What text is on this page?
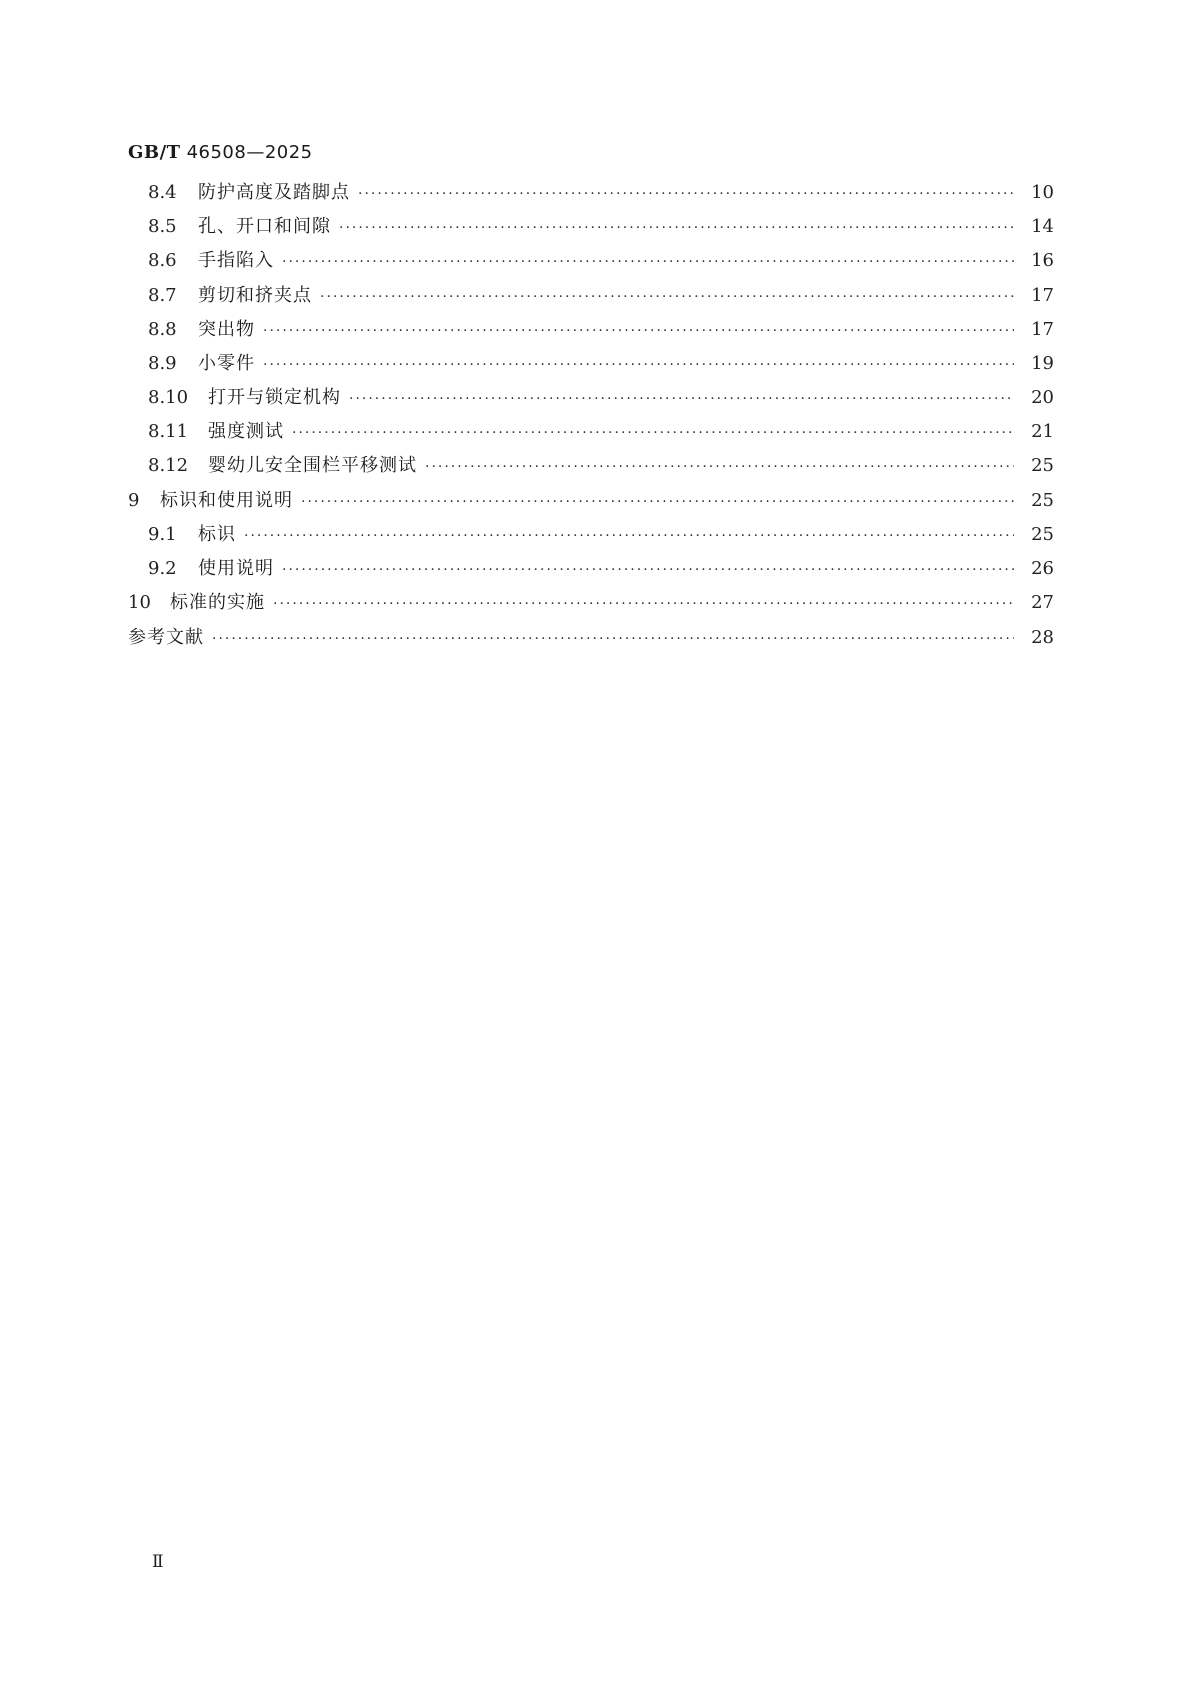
GB/T 46508—2025
8.4	防护高度及踏脚点 ·····	10
8.5	孔、开口和间隙 ·····	14
8.6	手指陷入 ·····	16
8.7	剪切和挤夹点 ·····	17
8.8	突出物 ·····	17
8.9	小零件 ·····	19
8.10	打开与锁定机构 ·····	20
8.11	强度测试 ·····	21
8.12	婴幼儿安全围栏平移测试 ·····	25
9	标识和使用说明 ·····	25
9.1	标识 ·····	25
9.2	使用说明 ·····	26
10	标准的实施 ·····	27
参考文献 ·····	28
Ⅱ
